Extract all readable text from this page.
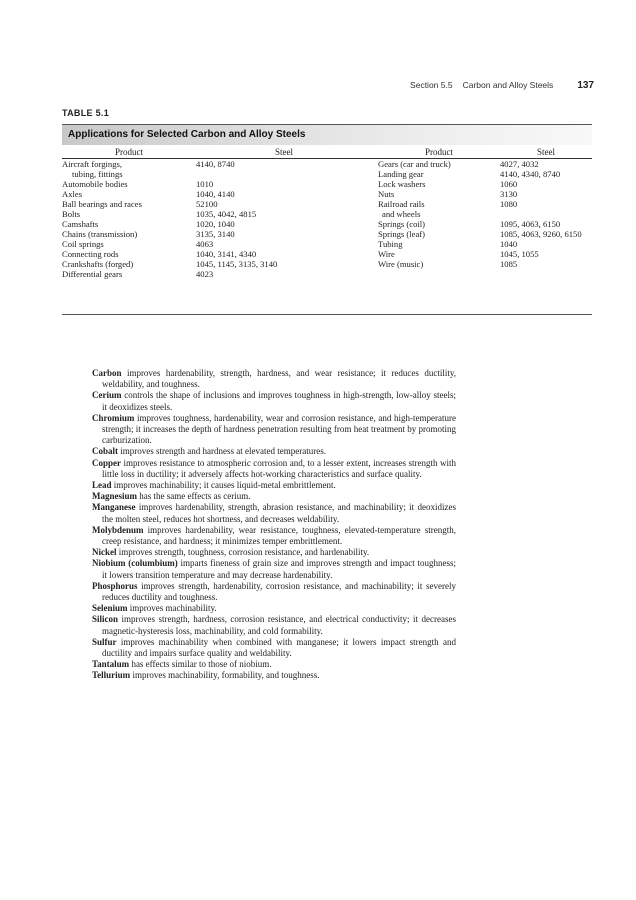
Section 5.5 Carbon and Alloy Steels 137
TABLE 5.1
Applications for Selected Carbon and Alloy Steels
Product	Steel	Product	Steel
Aircraft forgings,	4140, 8740	Gears (car and truck)	4027, 4032
tubing, fittings		Landing gear	4140, 4340, 8740
Automobile bodies	1010	Lock washers	1060
Axles	1040, 4140	Nuts	3130
Ball bearings and races	52100	Railroad rails	1080
Bolts	1035, 4042, 4815	and wheels	
Camshafts	1020, 1040	Springs (coil)	1095, 4063, 6150
Chains (transmission)	3135, 3140	Springs (leaf)	1085, 4063, 9260, 6150
Coil springs	4063	Tubing	1040
Connecting rods	1040, 3141, 4340	Wire	1045, 1055
Crankshafts (forged)	1045, 1145, 3135, 3140	Wire (music)	1085
Differential gears	4023		

Carbon improves hardenability, strength, hardness, and wear resistance; it reduces ductility, weldability, and toughness.

Cerium controls the shape of inclusions and improves toughness in high-strength, low-alloy steels; it deoxidizes steels.

Chromium improves toughness, hardenability, wear and corrosion resistance, and high-temperature strength; it increases the depth of hardness penetration resulting from heat treatment by promoting carburization.

Cobalt improves strength and hardness at elevated temperatures.

Copper improves resistance to atmospheric corrosion and, to a lesser extent, increases strength with little loss in ductility; it adversely affects hot-working characteristics and surface quality.

Lead improves machinability; it causes liquid-metal embrittlement.

Magnesium has the same effects as cerium.

Manganese improves hardenability, strength, abrasion resistance, and machinability; it deoxidizes the molten steel, reduces hot shortness, and decreases weldability.

Molybdenum improves hardenability, wear resistance, toughness, elevated-temperature strength, creep resistance, and hardness; it minimizes temper embrittlement.

Nickel improves strength, toughness, corrosion resistance, and hardenability.

Niobium (columbium) imparts fineness of grain size and improves strength and impact toughness; it lowers transition temperature and may decrease hardenability.

Phosphorus improves strength, hardenability, corrosion resistance, and machinability; it severely reduces ductility and toughness.

Selenium improves machinability.

Silicon improves strength, hardness, corrosion resistance, and electrical conductivity; it decreases magnetic-hysteresis loss, machinability, and cold formability.

Sulfur improves machinability when combined with manganese; it lowers impact strength and ductility and impairs surface quality and weldability.

Tantalum has effects similar to those of niobium.

Tellurium improves machinability, formability, and toughness.
